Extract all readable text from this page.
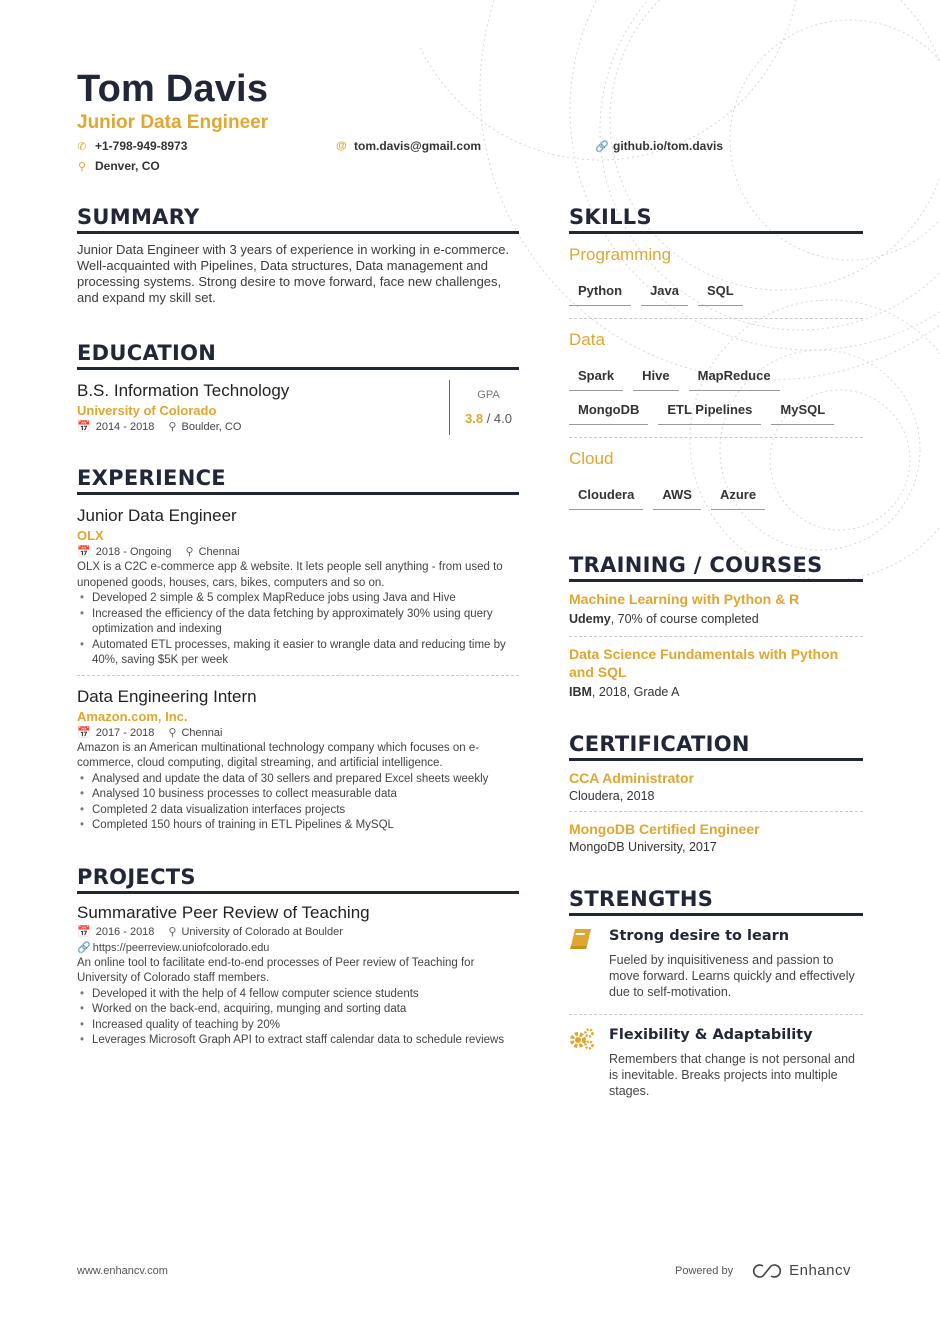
Tom Davis
Junior Data Engineer
✆ +1-798-949-8973	@ tom.davis@gmail.com	🔗 github.io/tom.davis
⚲ Denver, CO
SUMMARY

Junior Data Engineer with 3 years of experience in working in e-commerce. Well-acquainted with Pipelines, Data structures, Data management and processing systems. Strong desire to move forward, face new challenges, and expand my skill set.

EDUCATION
B.S. Information Technology
University of Colorado
📅 2014 - 2018 ⚲ Boulder, CO
GPA
3.8 / 4.0
EXPERIENCE
Junior Data Engineer
OLX
📅 2018 - Ongoing ⚲ Chennai

OLX is a C2C e-commerce app & website. It lets people sell anything - from used to unopened goods, houses, cars, bikes, computers and so on.

• Developed 2 simple & 5 complex MapReduce jobs using Java and Hive
• Increased the efficiency of the data fetching by approximately 30% using query optimization and indexing
• Automated ETL processes, making it easier to wrangle data and reducing time by 40%, saving $5K per week
Data Engineering Intern
Amazon.com, Inc.
📅 2017 - 2018 ⚲ Chennai

Amazon is an American multinational technology company which focuses on e-commerce, cloud computing, digital streaming, and artificial intelligence.

• Analysed and update the data of 30 sellers and prepared Excel sheets weekly
• Analysed 10 business processes to collect measurable data
• Completed 2 data visualization interfaces projects
• Completed 150 hours of training in ETL Pipelines & MySQL
PROJECTS
Summarative Peer Review of Teaching
📅 2016 - 2018 ⚲ University of Colorado at Boulder
🔗 https://peerreview.uniofcolorado.edu

An online tool to facilitate end-to-end processes of Peer review of Teaching for University of Colorado staff members.

• Developed it with the help of 4 fellow computer science students
• Worked on the back-end, acquiring, munging and sorting data
• Increased quality of teaching by 20%
• Leverages Microsoft Graph API to extract staff calendar data to schedule reviews
SKILLS
Programming
Python	Java	SQL
Data
Spark	Hive	MapReduce
MongoDB	ETL Pipelines	MySQL
Cloud
Cloudera	AWS	Azure
TRAINING / COURSES
Machine Learning with Python & R
Udemy, 70% of course completed
Data Science Fundamentals with Python and SQL
IBM, 2018, Grade A
CERTIFICATION
CCA Administrator
Cloudera, 2018
MongoDB Certified Engineer
MongoDB University, 2017
STRENGTHS
Strong desire to learn
Fueled by inquisitiveness and passion to move forward. Learns quickly and effectively due to self-motivation.
Flexibility & Adaptability
Remembers that change is not personal and is inevitable. Breaks projects into multiple stages.
www.enhancv.com	Powered by	Enhancv
